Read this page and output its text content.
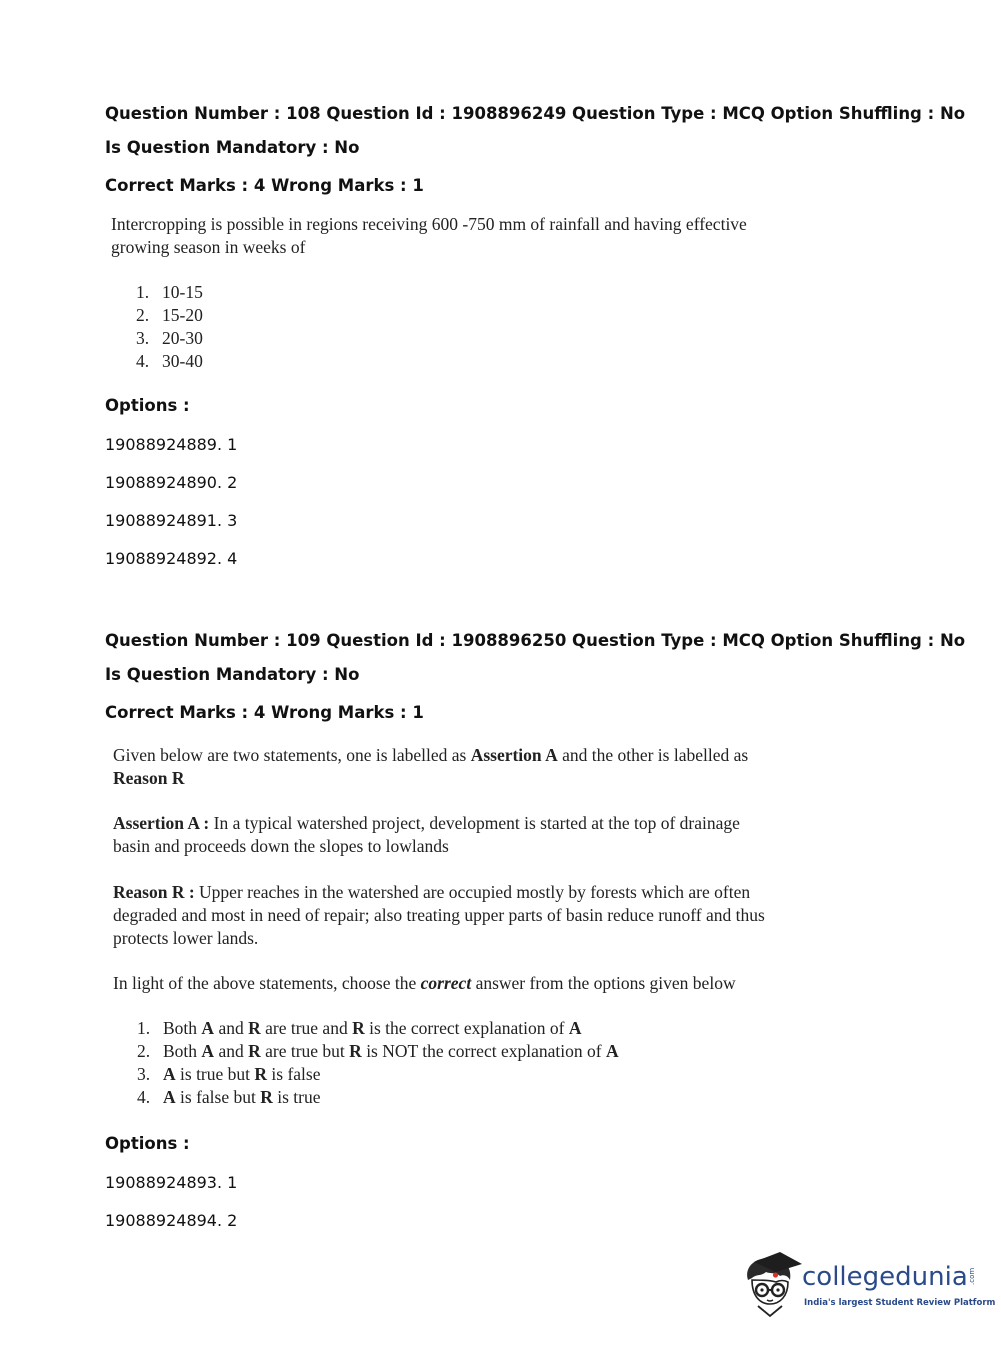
Question Number : 108 Question Id : 1908896249 Question Type : MCQ Option Shuffling : No
Is Question Mandatory : No
Correct Marks : 4 Wrong Marks : 1
Intercropping is possible in regions receiving 600 -750 mm of rainfall and having effective
growing season in weeks of
1. 10-15
2. 15-20
3. 20-30
4. 30-40
Options :
19088924889. 1
19088924890. 2
19088924891. 3
19088924892. 4
Question Number : 109 Question Id : 1908896250 Question Type : MCQ Option Shuffling : No
Is Question Mandatory : No
Correct Marks : 4 Wrong Marks : 1
Given below are two statements, one is labelled as Assertion A and the other is labelled as
Reason R
Assertion A : In a typical watershed project, development is started at the top of drainage
basin and proceeds down the slopes to lowlands
Reason R : Upper reaches in the watershed are occupied mostly by forests which are often
degraded and most in need of repair; also treating upper parts of basin reduce runoff and thus
protects lower lands.
In light of the above statements, choose the correct answer from the options given below
1. Both A and R are true and R is the correct explanation of A
2. Both A and R are true but R is NOT the correct explanation of A
3. A is true but R is false
4. A is false but R is true
Options :
19088924893. 1
19088924894. 2
collegedunia.com
India's largest Student Review Platform
